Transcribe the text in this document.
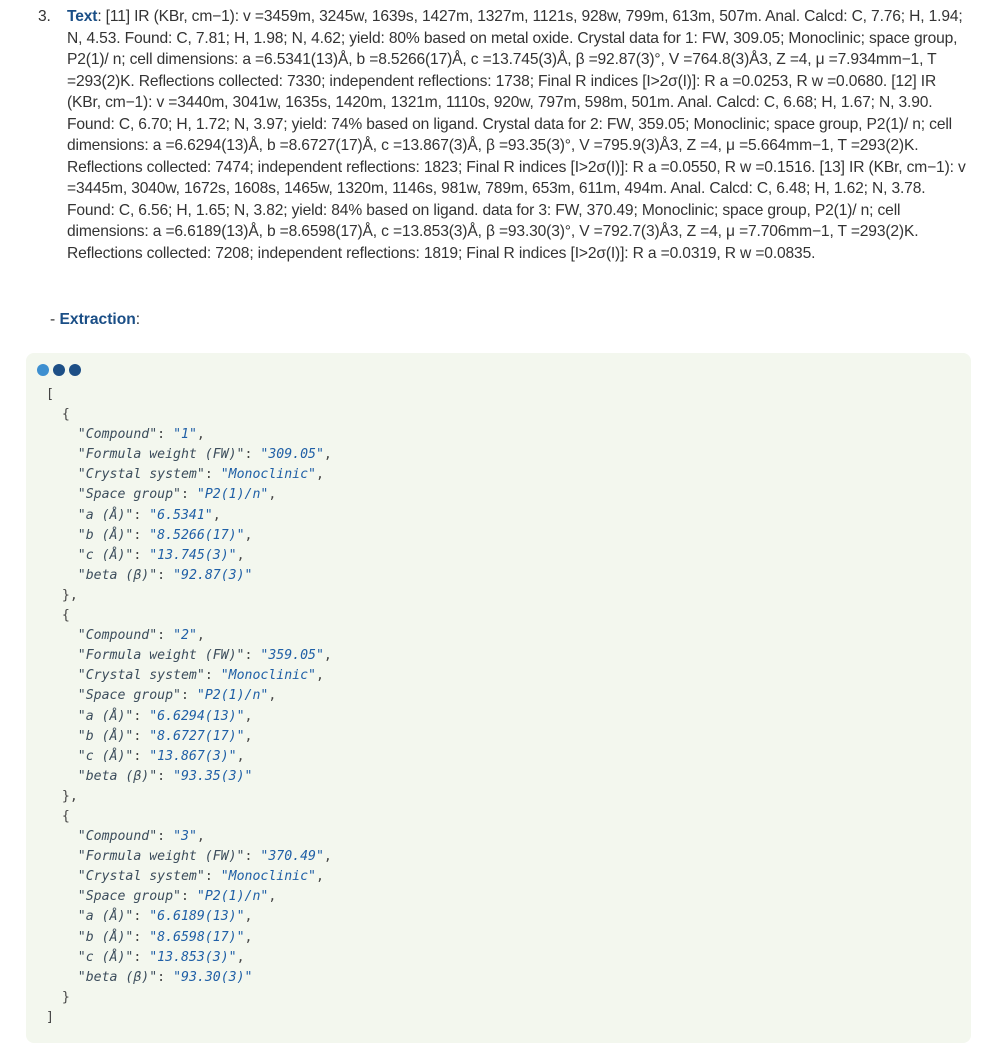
3. Text: [11] IR (KBr, cm−1): v =3459m, 3245w, 1639s, 1427m, 1327m, 1121s, 928w, 799m, 613m, 507m. Anal. Calcd: C, 7.76; H, 1.94; N, 4.53. Found: C, 7.81; H, 1.98; N, 4.62; yield: 80% based on metal oxide. Crystal data for 1: FW, 309.05; Monoclinic; space group, P2(1)/ n; cell dimensions: a =6.5341(13)Å, b =8.5266(17)Å, c =13.745(3)Å, β =92.87(3)°, V =764.8(3)Å3, Z =4, μ =7.934mm−1, T =293(2)K. Reflections collected: 7330; independent reflections: 1738; Final R indices [I>2σ(I)]: R a =0.0253, R w =0.0680. [12] IR (KBr, cm−1): v =3440m, 3041w, 1635s, 1420m, 1321m, 1110s, 920w, 797m, 598m, 501m. Anal. Calcd: C, 6.68; H, 1.67; N, 3.90. Found: C, 6.70; H, 1.72; N, 3.97; yield: 74% based on ligand. Crystal data for 2: FW, 359.05; Monoclinic; space group, P2(1)/ n; cell dimensions: a =6.6294(13)Å, b =8.6727(17)Å, c =13.867(3)Å, β =93.35(3)°, V =795.9(3)Å3, Z =4, μ =5.664mm−1, T =293(2)K. Reflections collected: 7474; independent reflections: 1823; Final R indices [I>2σ(I)]: R a =0.0550, R w =0.1516. [13] IR (KBr, cm−1): v =3445m, 3040w, 1672s, 1608s, 1465w, 1320m, 1146s, 981w, 789m, 653m, 611m, 494m. Anal. Calcd: C, 6.48; H, 1.62; N, 3.78. Found: C, 6.56; H, 1.65; N, 3.82; yield: 84% based on ligand. data for 3: FW, 370.49; Monoclinic; space group, P2(1)/ n; cell dimensions: a =6.6189(13)Å, b =8.6598(17)Å, c =13.853(3)Å, β =93.30(3)°, V =792.7(3)Å3, Z =4, μ =7.706mm−1, T =293(2)K. Reflections collected: 7208; independent reflections: 1819; Final R indices [I>2σ(I)]: R a =0.0319, R w =0.0835.
- Extraction:
[
{
"Compound": "1",
"Formula weight (FW)": "309.05",
"Crystal system": "Monoclinic",
"Space group": "P2(1)/n",
"a (Å)": "6.5341",
"b (Å)": "8.5266(17)",
"c (Å)": "13.745(3)",
"beta (β)": "92.87(3)"
},
{
"Compound": "2",
"Formula weight (FW)": "359.05",
"Crystal system": "Monoclinic",
"Space group": "P2(1)/n",
"a (Å)": "6.6294(13)",
"b (Å)": "8.6727(17)",
"c (Å)": "13.867(3)",
"beta (β)": "93.35(3)"
},
{
"Compound": "3",
"Formula weight (FW)": "370.49",
"Crystal system": "Monoclinic",
"Space group": "P2(1)/n",
"a (Å)": "6.6189(13)",
"b (Å)": "8.6598(17)",
"c (Å)": "13.853(3)",
"beta (β)": "93.30(3)"
}
]
